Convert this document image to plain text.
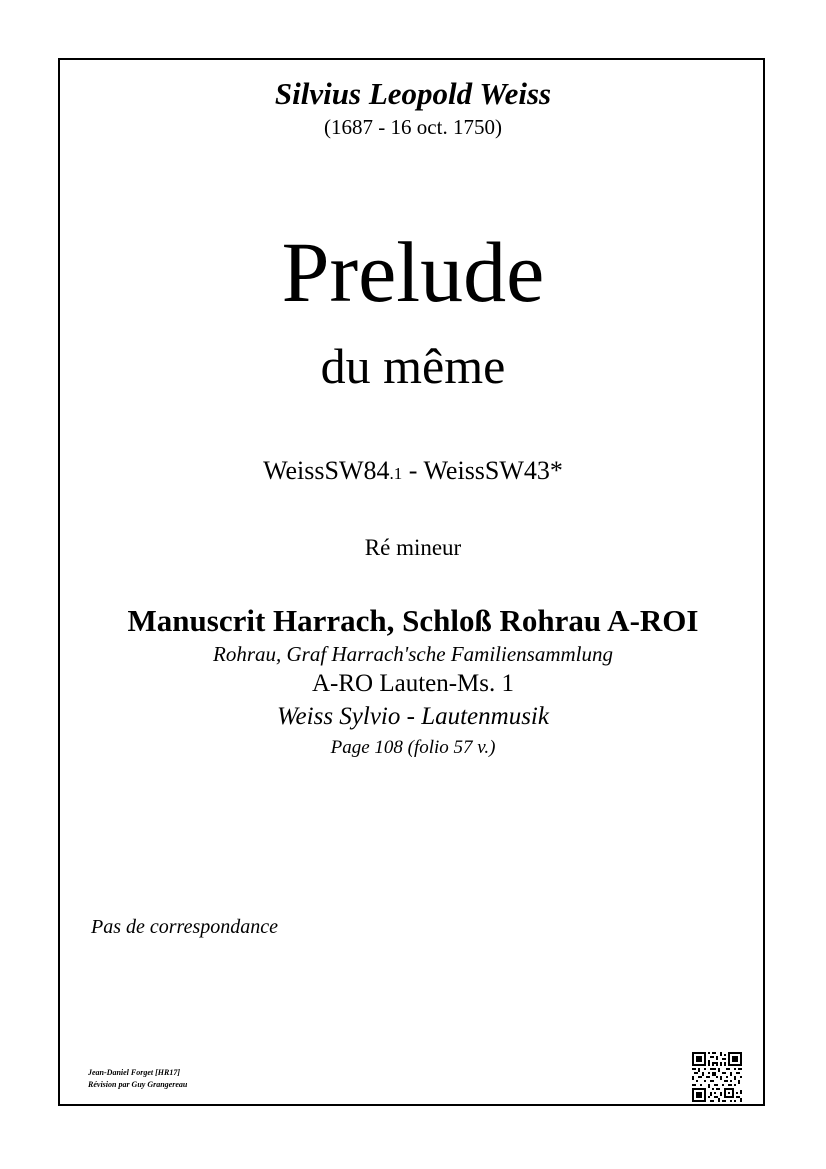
Silvius Leopold Weiss
(1687 - 16 oct. 1750)
Prelude
du même
WeissSW84.1 - WeissSW43*
Ré mineur
Manuscrit Harrach, Schloß Rohrau A-ROI
Rohrau, Graf Harrach'sche Familiensammlung
A-RO Lauten-Ms. 1
Weiss Sylvio - Lautenmusik
Page 108 (folio 57 v.)
Pas de correspondance
Jean-Daniel Forget [HR17]
Révision par Guy Grangereau
